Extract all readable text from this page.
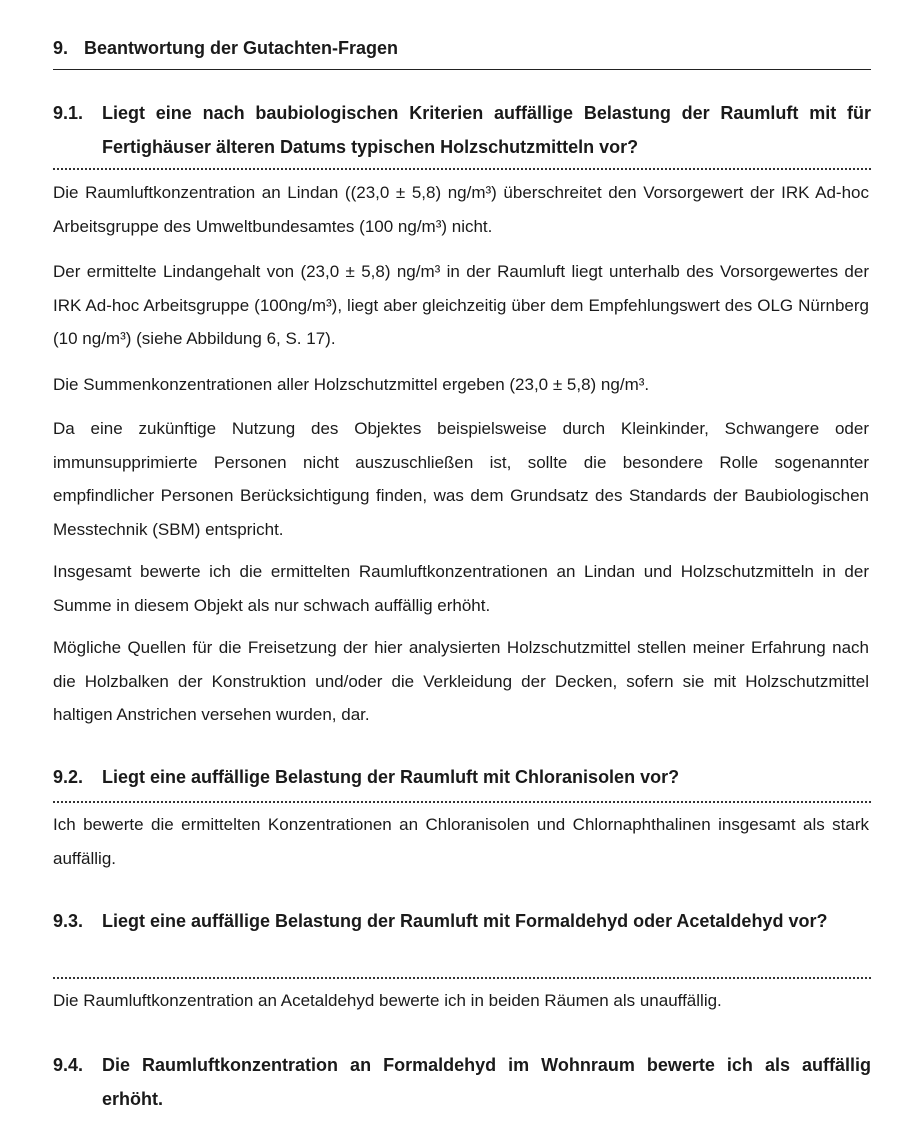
9. Beantwortung der Gutachten-Fragen
9.1. Liegt eine nach baubiologischen Kriterien auffällige Belastung der Raumluft mit für Fertighäuser älteren Datums typischen Holzschutzmitteln vor?
Die Raumluftkonzentration an Lindan ((23,0 ± 5,8) ng/m³) überschreitet den Vorsorgewert der IRK Ad-hoc Arbeitsgruppe des Umweltbundesamtes (100 ng/m³) nicht.
Der ermittelte Lindangehalt von (23,0 ± 5,8) ng/m³ in der Raumluft liegt unterhalb des Vorsorgewertes der IRK Ad-hoc Arbeitsgruppe (100ng/m³), liegt aber gleichzeitig über dem Empfehlungswert des OLG Nürnberg (10 ng/m³) (siehe Abbildung 6, S. 17).
Die Summenkonzentrationen aller Holzschutzmittel ergeben (23,0 ± 5,8) ng/m³.
Da eine zukünftige Nutzung des Objektes beispielsweise durch Kleinkinder, Schwangere oder immunsupprimierte Personen nicht auszuschließen ist, sollte die besondere Rolle sogenannter empfindlicher Personen Berücksichtigung finden, was dem Grundsatz des Standards der Baubiologischen Messtechnik (SBM) entspricht.
Insgesamt bewerte ich die ermittelten Raumluftkonzentrationen an Lindan und Holzschutzmitteln in der Summe in diesem Objekt als nur schwach auffällig erhöht.
Mögliche Quellen für die Freisetzung der hier analysierten Holzschutzmittel stellen meiner Erfahrung nach die Holzbalken der Konstruktion und/oder die Verkleidung der Decken, sofern sie mit Holzschutzmittel haltigen Anstrichen versehen wurden, dar.
9.2. Liegt eine auffällige Belastung der Raumluft mit Chloranisolen vor?
Ich bewerte die ermittelten Konzentrationen an Chloranisolen und Chlornaphthalinen insgesamt als stark auffällig.
9.3. Liegt eine auffällige Belastung der Raumluft mit Formaldehyd oder Acetaldehyd vor?
Die Raumluftkonzentration an Acetaldehyd bewerte ich in beiden Räumen als unauffällig.
9.4. Die Raumluftkonzentration an Formaldehyd im Wohnraum bewerte ich als auffällig erhöht.
